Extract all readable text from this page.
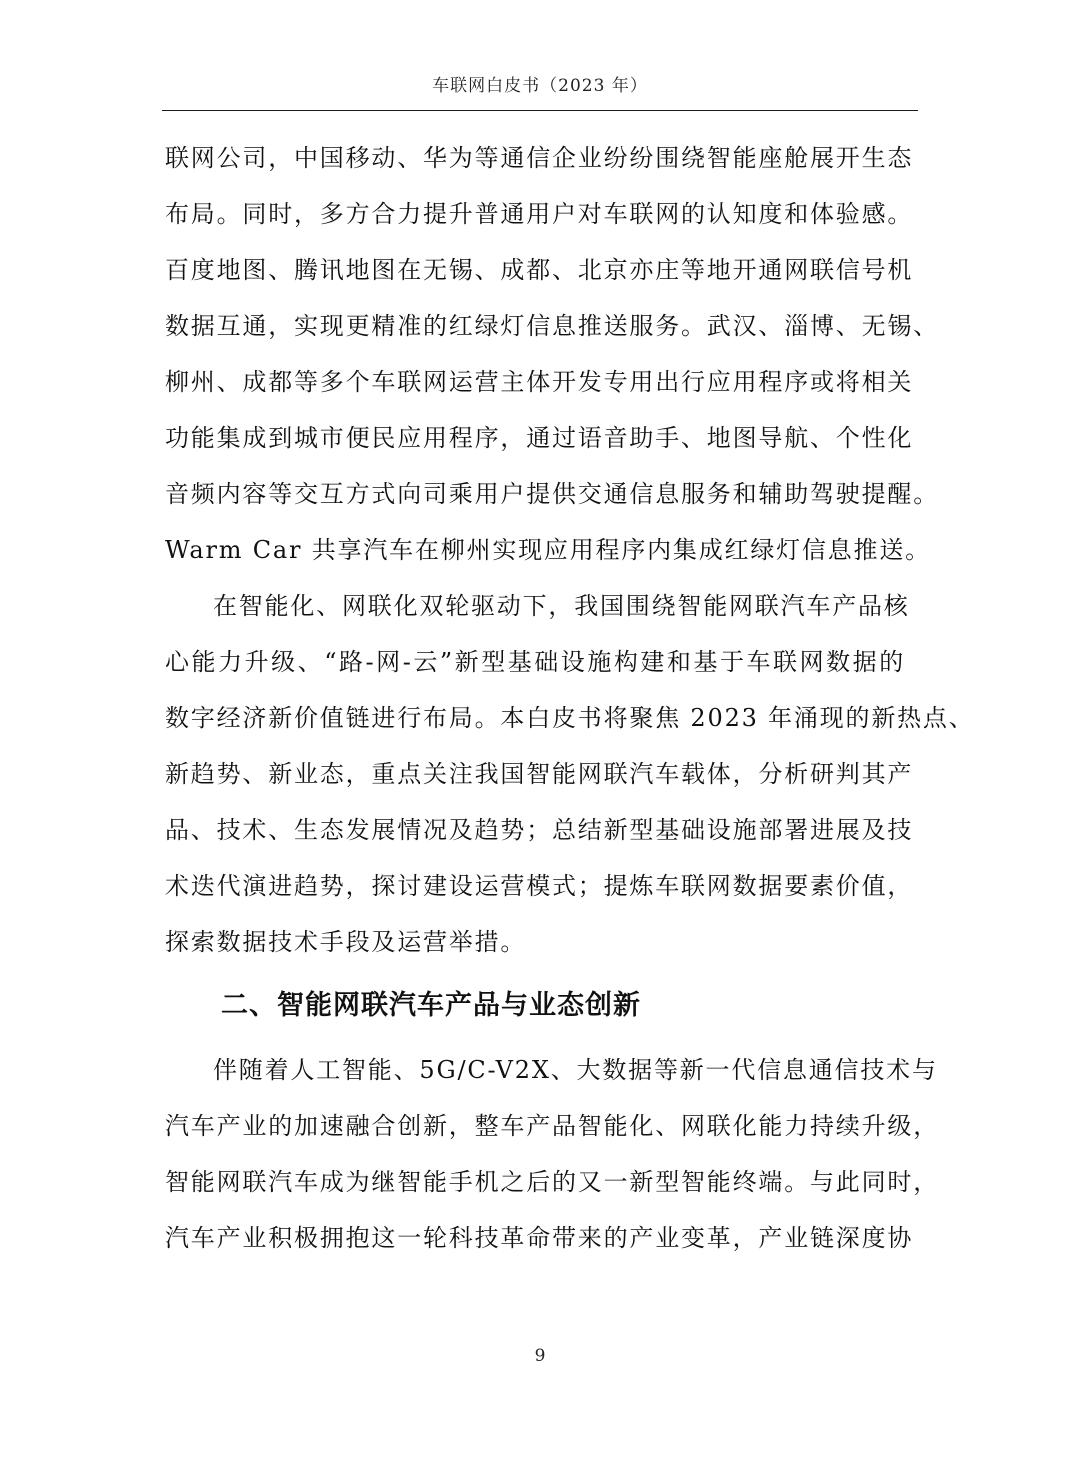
车联网白皮书（2023 年）

联网公司，中国移动、华为等通信企业纷纷围绕智能座舱展开生态
布局。同时，多方合力提升普通用户对车联网的认知度和体验感。
百度地图、腾讯地图在无锡、成都、北京亦庄等地开通网联信号机
数据互通，实现更精准的红绿灯信息推送服务。武汉、淄博、无锡、
柳州、成都等多个车联网运营主体开发专用出行应用程序或将相关
功能集成到城市便民应用程序，通过语音助手、地图导航、个性化
音频内容等交互方式向司乘用户提供交通信息服务和辅助驾驶提醒。
Warm Car 共享汽车在柳州实现应用程序内集成红绿灯信息推送。

在智能化、网联化双轮驱动下，我国围绕智能网联汽车产品核
心能力升级、“路-网-云”新型基础设施构建和基于车联网数据的
数字经济新价值链进行布局。本白皮书将聚焦 2023 年涌现的新热点、
新趋势、新业态，重点关注我国智能网联汽车载体，分析研判其产
品、技术、生态发展情况及趋势；总结新型基础设施部署进展及技
术迭代演进趋势，探讨建设运营模式；提炼车联网数据要素价值，
探索数据技术手段及运营举措。

二、智能网联汽车产品与业态创新

伴随着人工智能、5G/C-V2X、大数据等新一代信息通信技术与
汽车产业的加速融合创新，整车产品智能化、网联化能力持续升级，
智能网联汽车成为继智能手机之后的又一新型智能终端。与此同时，
汽车产业积极拥抱这一轮科技革命带来的产业变革，产业链深度协

9
